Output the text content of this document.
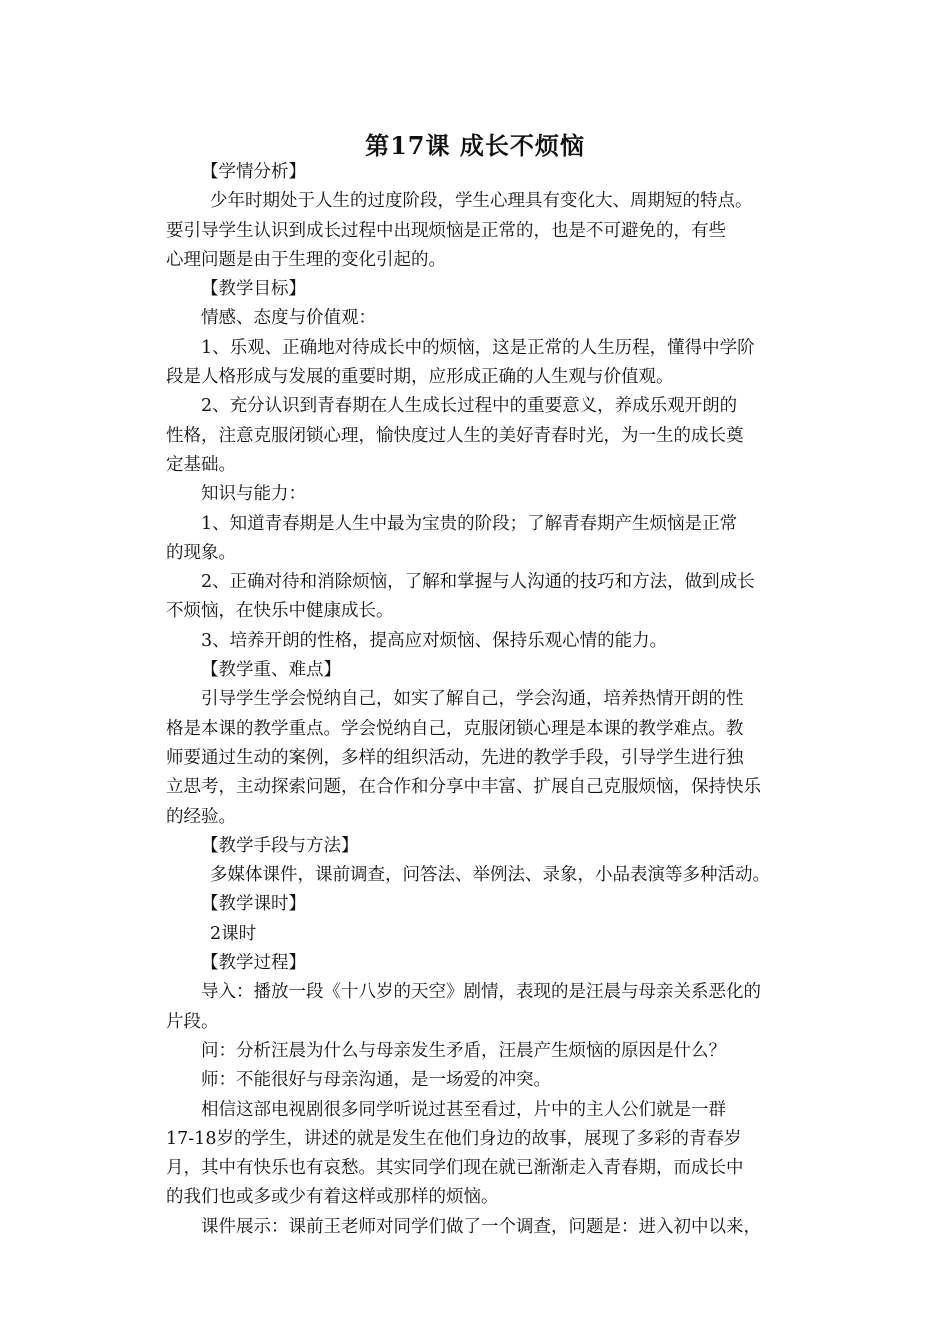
第17课 成长不烦恼
【学情分析】
少年时期处于人生的过度阶段，学生心理具有变化大、周期短的特点。
要引导学生认识到成长过程中出现烦恼是正常的，也是不可避免的，有些
心理问题是由于生理的变化引起的。
【教学目标】
情感、态度与价值观：
1、乐观、正确地对待成长中的烦恼，这是正常的人生历程，懂得中学阶
段是人格形成与发展的重要时期，应形成正确的人生观与价值观。
2、充分认识到青春期在人生成长过程中的重要意义，养成乐观开朗的
性格，注意克服闭锁心理，愉快度过人生的美好青春时光，为一生的成长奠
定基础。
知识与能力：
1、知道青春期是人生中最为宝贵的阶段；了解青春期产生烦恼是正常
的现象。
2、正确对待和消除烦恼，了解和掌握与人沟通的技巧和方法，做到成长
不烦恼，在快乐中健康成长。
3、培养开朗的性格，提高应对烦恼、保持乐观心情的能力。
【教学重、难点】
引导学生学会悦纳自己，如实了解自己，学会沟通，培养热情开朗的性
格是本课的教学重点。学会悦纳自己，克服闭锁心理是本课的教学难点。教
师要通过生动的案例，多样的组织活动，先进的教学手段，引导学生进行独
立思考，主动探索问题，在合作和分享中丰富、扩展自己克服烦恼，保持快乐
的经验。
【教学手段与方法】
多媒体课件，课前调查，问答法、举例法、录象，小品表演等多种活动。
【教学课时】
2课时
【教学过程】
导入：播放一段《十八岁的天空》剧情，表现的是汪晨与母亲关系恶化的
片段。
问：分析汪晨为什么与母亲发生矛盾，汪晨产生烦恼的原因是什么？
师：不能很好与母亲沟通，是一场爱的冲突。
相信这部电视剧很多同学听说过甚至看过，片中的主人公们就是一群
17-18岁的学生，讲述的就是发生在他们身边的故事，展现了多彩的青春岁
月，其中有快乐也有哀愁。其实同学们现在就已渐渐走入青春期，而成长中
的我们也或多或少有着这样或那样的烦恼。
课件展示：课前王老师对同学们做了一个调查，问题是：进入初中以来，
